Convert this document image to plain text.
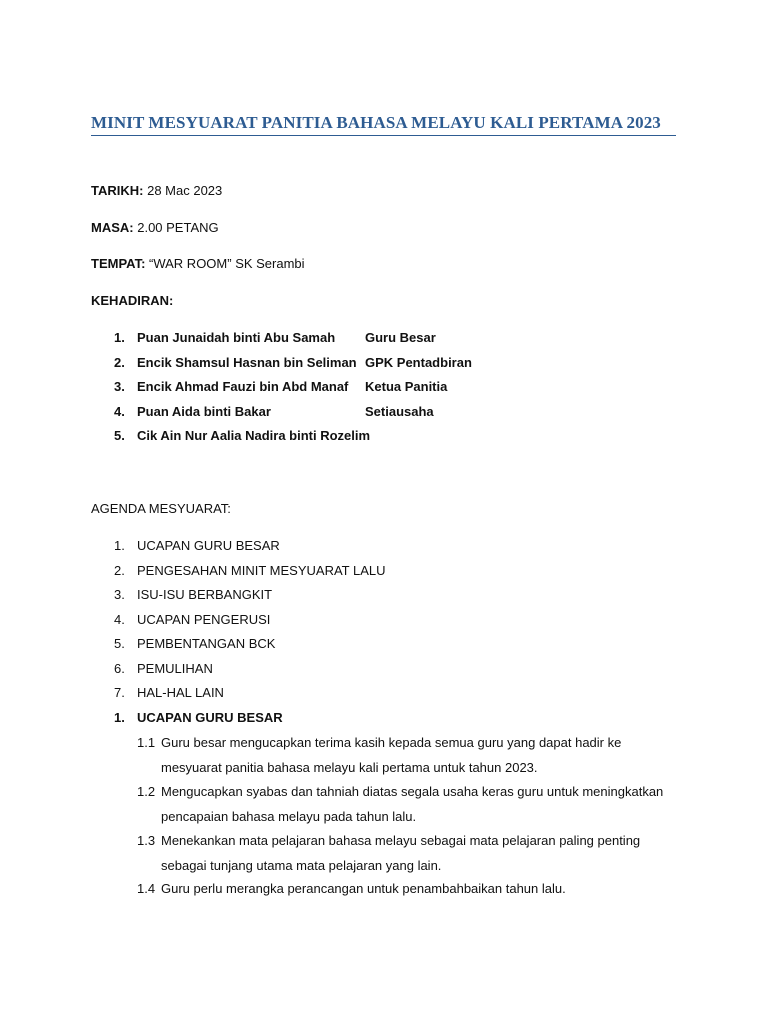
MINIT MESYUARAT PANITIA BAHASA MELAYU KALI PERTAMA 2023
TARIKH: 28 Mac 2023
MASA: 2.00 PETANG
TEMPAT: “WAR ROOM” SK Serambi
KEHADIRAN:
1. Puan Junaidah binti Abu Samah Guru Besar
2. Encik Shamsul Hasnan bin Seliman GPK Pentadbiran
3. Encik Ahmad Fauzi bin Abd Manaf Ketua Panitia
4. Puan Aida binti Bakar	Setiausaha
5. Cik Ain Nur Aalia Nadira binti Rozelim
AGENDA MESYUARAT:
1. UCAPAN GURU BESAR
2. PENGESAHAN MINIT MESYUARAT LALU
3. ISU-ISU BERBANGKIT
4. UCAPAN PENGERUSI
5. PEMBENTANGAN BCK
6. PEMULIHAN
7. HAL-HAL LAIN
1. UCAPAN GURU BESAR
1.1 Guru besar mengucapkan terima kasih kepada semua guru yang dapat hadir ke mesyuarat panitia bahasa melayu kali pertama untuk tahun 2023.
1.2 Mengucapkan syabas dan tahniah diatas segala usaha keras guru untuk meningkatkan pencapaian bahasa melayu pada tahun lalu.
1.3 Menekankan mata pelajaran bahasa melayu sebagai mata pelajaran paling penting sebagai tunjang utama mata pelajaran yang lain.
1.4 Guru perlu merangka perancangan untuk penambahbaikan tahun lalu.
